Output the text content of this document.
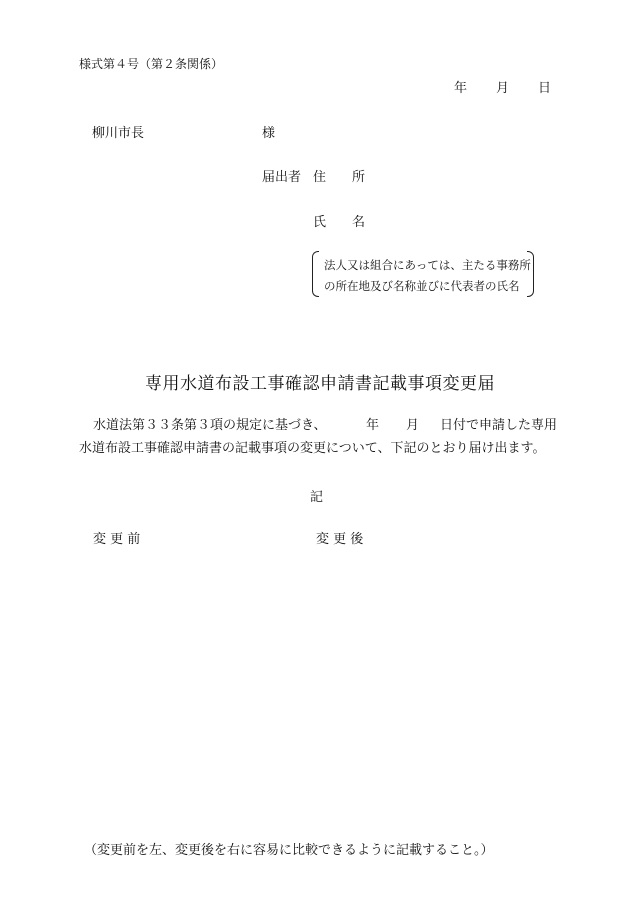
様式第４号（第２条関係）
年 月 日
柳川市長	様
届出者 住　　所
氏　　名
法人又は組合にあっては、主たる事務所
の所在地及び名称並びに代表者の氏名
専用水道布設工事確認申請書記載事項変更届
水道法第３３条第３項の規定に基づき、	年 月 日付で申請した専用
水道布設工事確認申請書の記載事項の変更について、下記のとおり届け出ます。
記
変 更 前	変 更 後
（変更前を左、変更後を右に容易に比較できるように記載すること。）
